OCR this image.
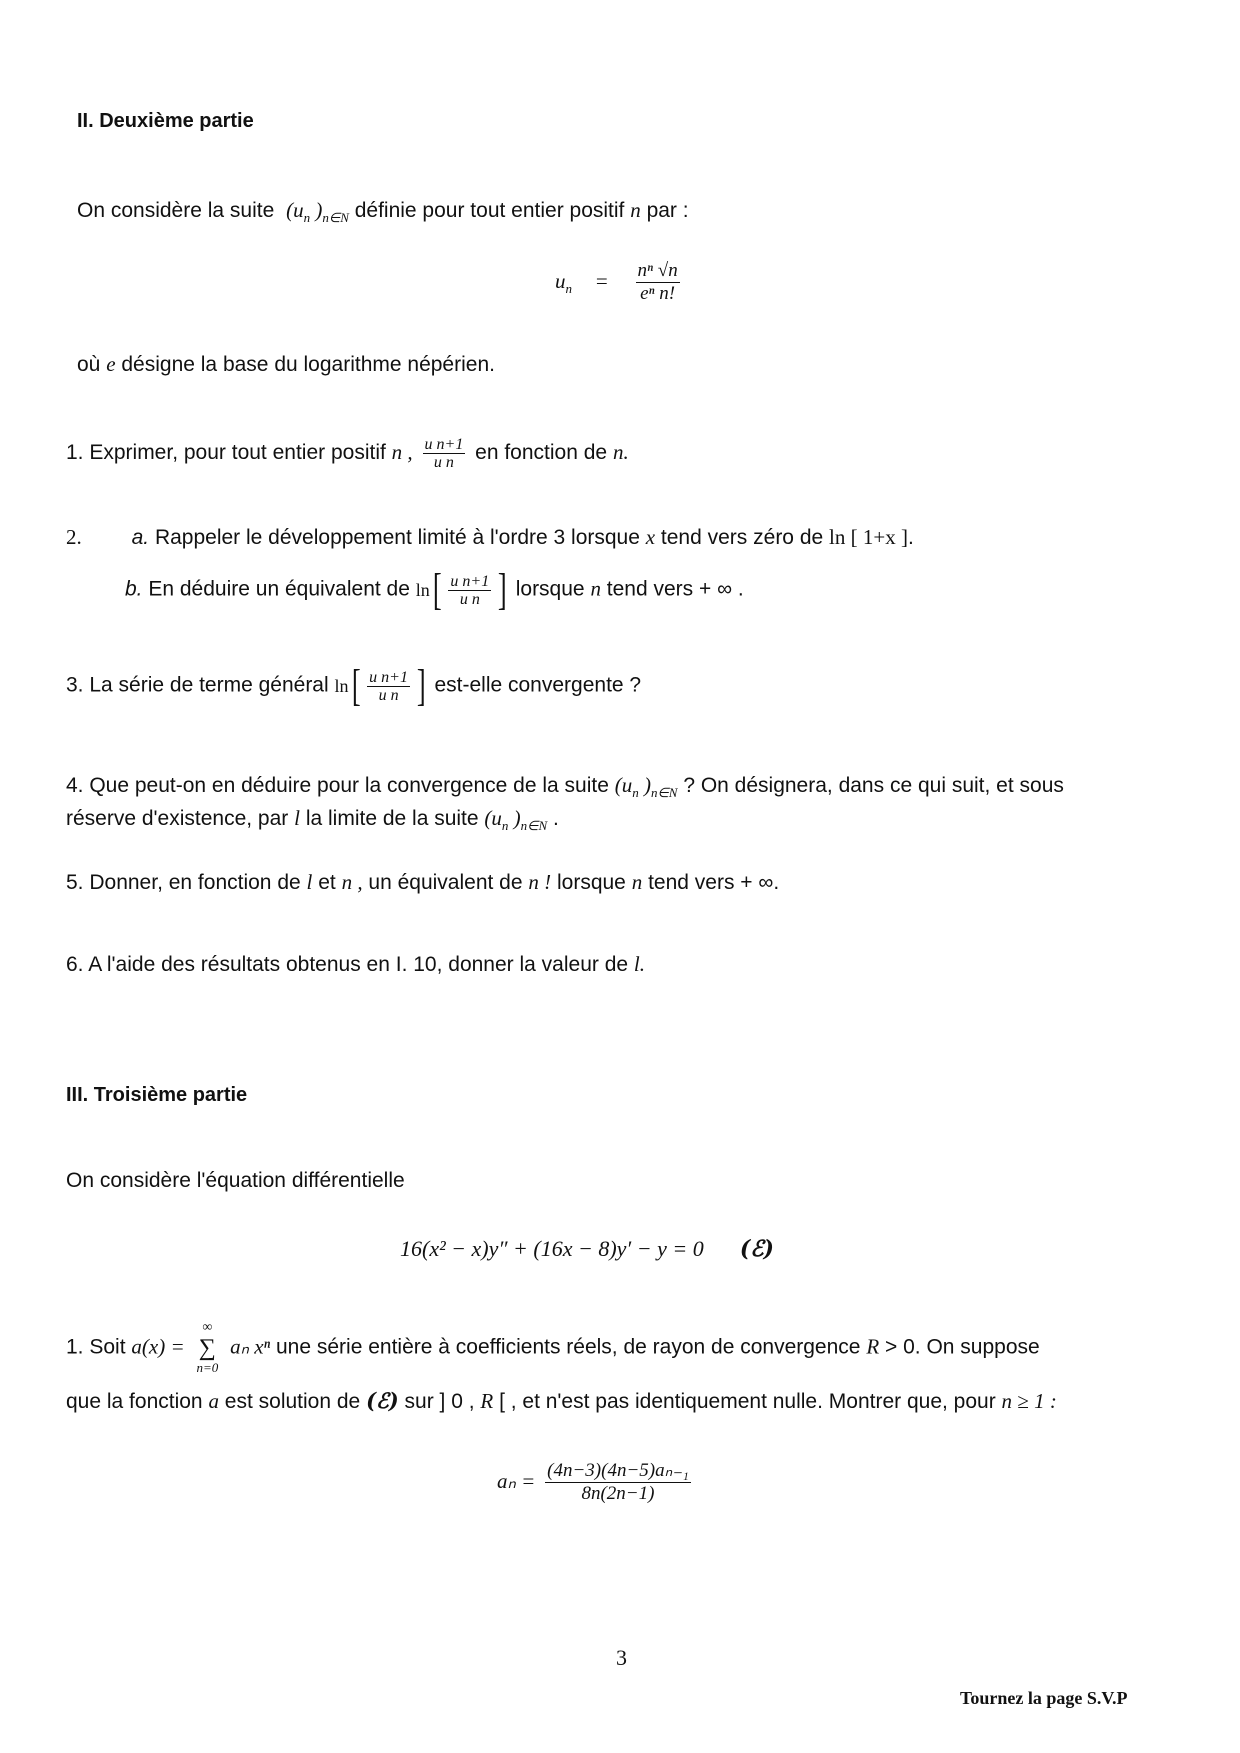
II. Deuxième partie
On considère la suite ($u_n$ )$_{n\in N}$ définie pour tout entier positif n par :
$u_n = \frac{\text{nⁿ √n}}{\text{eⁿ n!}}$
où e désigne la base du logarithme népérien.
1. Exprimer, pour tout entier positif n , $\frac{\text{u n+1}}{\text{u n}}$ en fonction de n.
2. a. Rappeler le développement limité à l'ordre 3 lorsque x tend vers zéro de ln [ 1+x ].
b. En déduire un équivalent de ln [ $\frac{\text{u n+1}}{\text{u n}}$ ] lorsque n tend vers + ∞ .
3. La série de terme général ln [ $\frac{\text{u n+1}}{\text{u n}}$ ] est-elle convergente ?
4. Que peut-on en déduire pour la convergence de la suite ($u_n$ )$_{n\in N}$ ? On désignera, dans ce qui suit, et sous
réserve d'existence, par l la limite de la suite ($u_n$ )$_{n\in N}$ .
5. Donner, en fonction de l et n , un équivalent de n ! lorsque n tend vers + ∞.
6. A l'aide des résultats obtenus en I. 10, donner la valeur de l.
III. Troisième partie
On considère l'équation différentielle
16(x² − x)y″ + (16x − 8)y′ − y = 0 (ℰ)
1. Soit a(x) =
∞
∑
n=0
aₙ xⁿ une série entière à coefficients réels, de rayon de convergence R > 0. On suppose
que la fonction a est solution de (ℰ) sur ] 0 , R [ , et n'est pas identiquement nulle. Montrer que, pour n ≥ 1 :
$a_n = \frac{\text{(4n−3)(4n−5)aₙ₋₁}}{8n(2n-1)}$
3
Tournez la page S.V.P
